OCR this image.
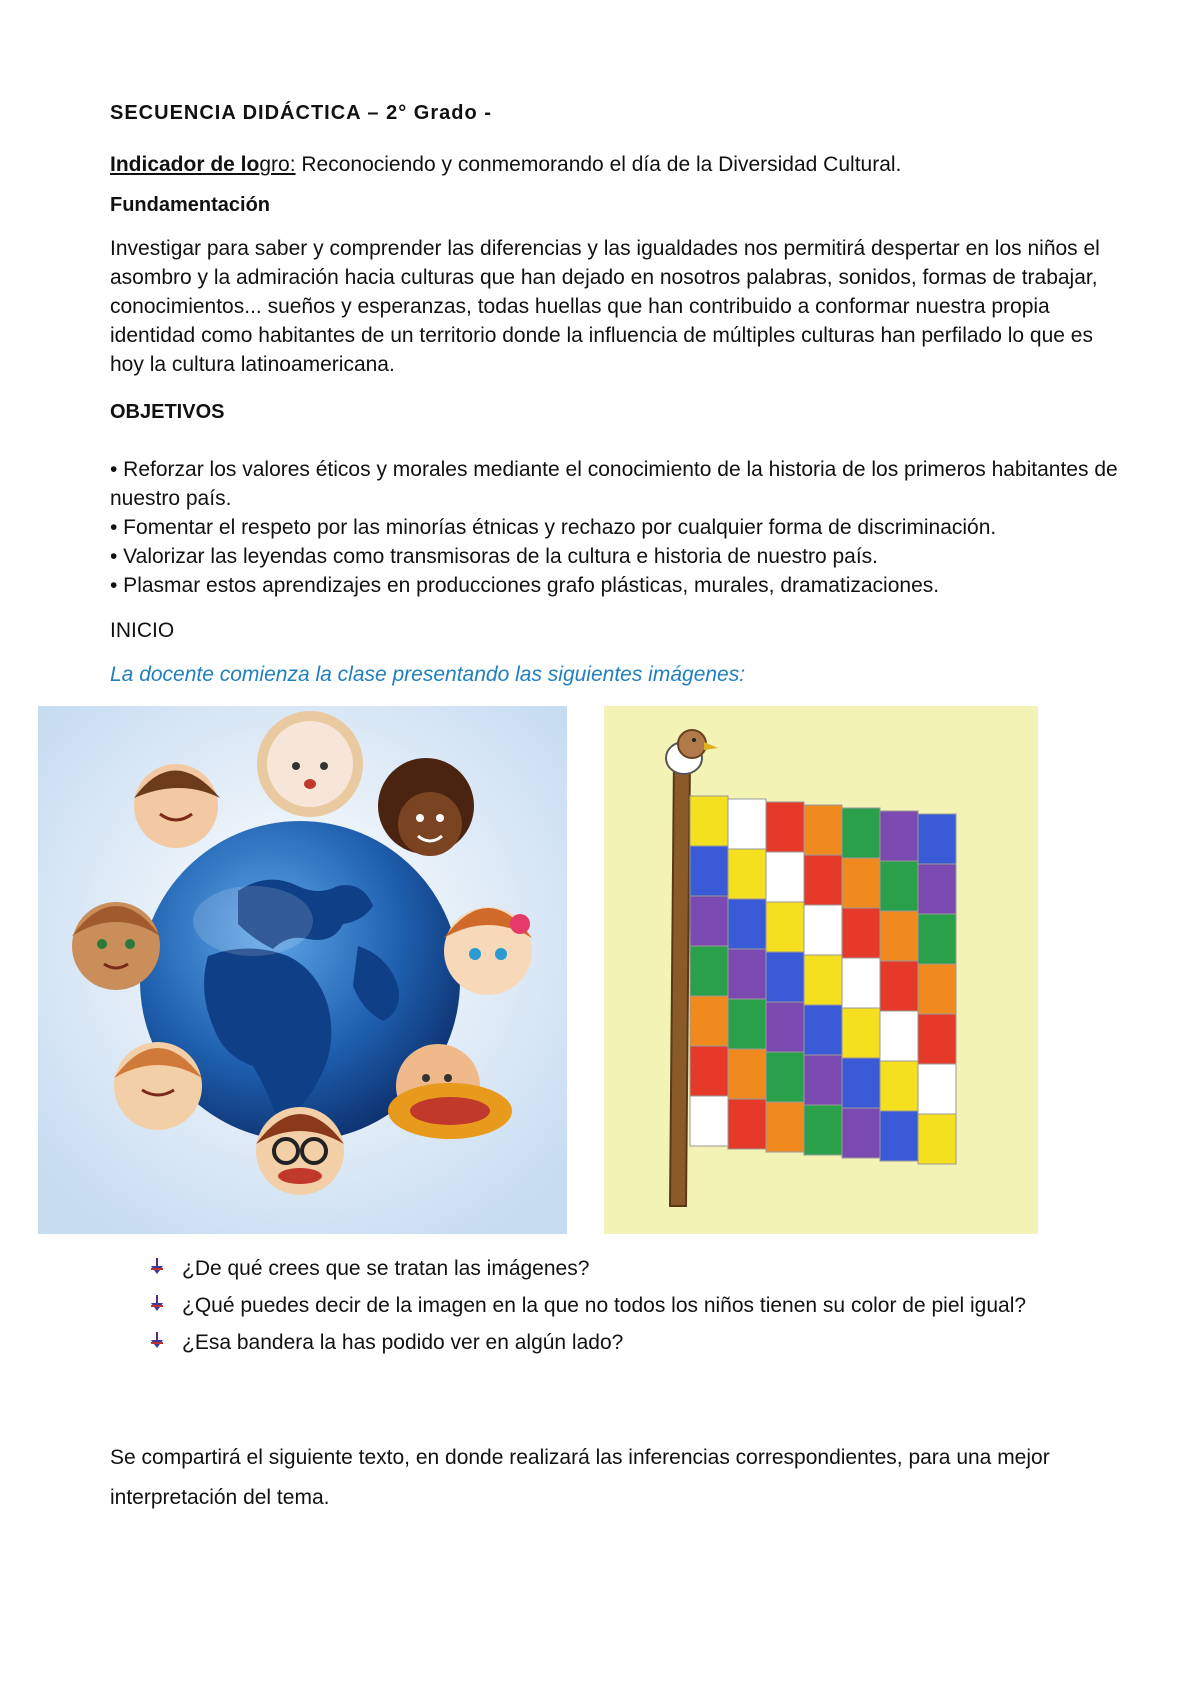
SECUENCIA DIDÁCTICA – 2° Grado -
Indicador de logro: Reconociendo y conmemorando el día de la Diversidad Cultural.
Fundamentación
Investigar para saber y comprender las diferencias y las igualdades nos permitirá despertar en los niños el asombro y la admiración hacia culturas que han dejado en nosotros palabras, sonidos, formas de trabajar, conocimientos... sueños y esperanzas, todas huellas que han contribuido a conformar nuestra propia identidad como habitantes de un territorio donde la influencia de múltiples culturas han perfilado lo que es hoy la cultura latinoamericana.
OBJETIVOS
• Reforzar los valores éticos y morales mediante el conocimiento de la historia de los primeros habitantes de nuestro país.
• Fomentar el respeto por las minorías étnicas y rechazo por cualquier forma de discriminación.
• Valorizar las leyendas como transmisoras de la cultura e historia de nuestro país.
• Plasmar estos aprendizajes en producciones grafo plásticas, murales, dramatizaciones.
INICIO
La docente comienza la clase presentando las siguientes imágenes:
¿De qué crees que se tratan las imágenes?
¿Qué puedes decir de la imagen en la que no todos los niños tienen su color de piel igual?
¿Esa bandera la has podido ver en algún lado?
Se compartirá el siguiente texto, en donde realizará las inferencias correspondientes, para una mejor interpretación del tema.
